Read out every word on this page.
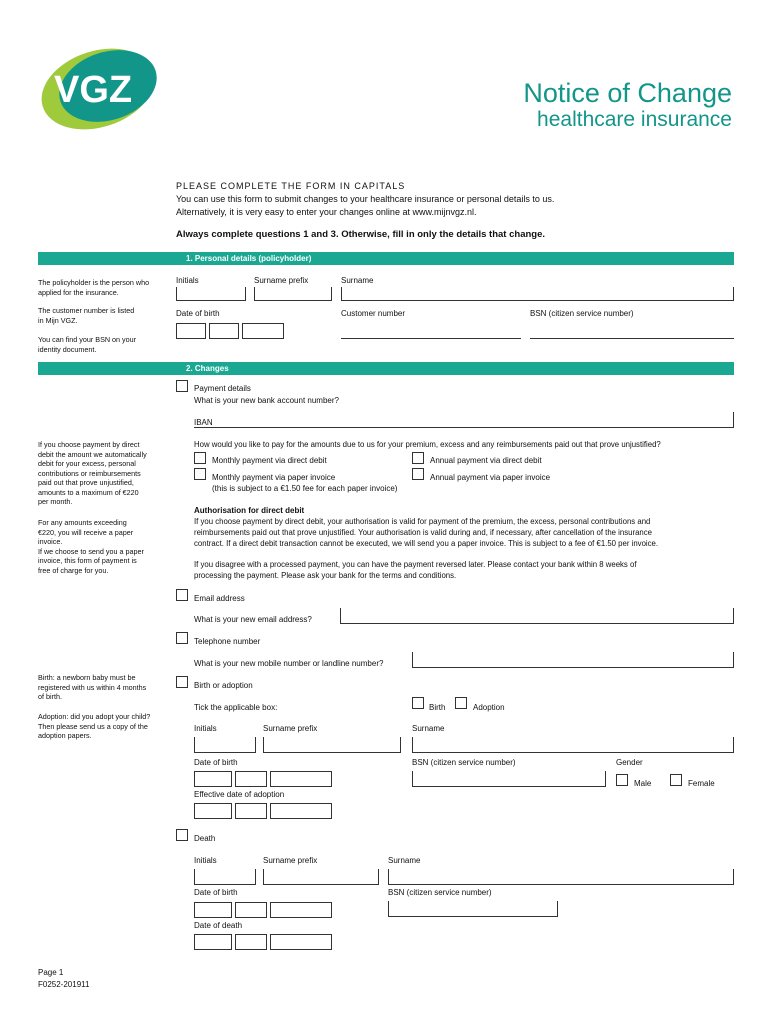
VGZ	Notice of Change
healthcare insurance
PLEASE COMPLETE THE FORM IN CAPITALS
You can use this form to submit changes to your healthcare insurance or personal details to us.
Alternatively, it is very easy to enter your changes online at www.mijnvgz.nl.
Always complete questions 1 and 3. Otherwise, fill in only the details that change.
1. Personal details (policyholder)
The policyholder is the person who
applied for the insurance.
The customer number is listed
in Mijn VGZ.
You can find your BSN on your
identity document.
Initials	Surname prefix	Surname
Date of birth	Customer number	BSN (citizen service number)
2. Changes
Payment details
What is your new bank account number?
IBAN
If you choose payment by direct
debit the amount we automatically
debit for your excess, personal
contributions or reimbursements
paid out that prove unjustified,
amounts to a maximum of €220
per month.
For any amounts exceeding
€220, you will receive a paper
invoice.
If we choose to send you a paper
invoice, this form of payment is
free of charge for you.
How would you like to pay for the amounts due to us for your premium, excess and any reimbursements paid out that prove unjustified?
Monthly payment via direct debit	Annual payment via direct debit
Monthly payment via paper invoice
(this is subject to a €1.50 fee for each paper invoice)
Annual payment via paper invoice
Authorisation for direct debit
If you choose payment by direct debit, your authorisation is valid for payment of the premium, the excess, personal contributions and
reimbursements paid out that prove unjustified. Your authorisation is valid during and, if necessary, after cancellation of the insurance
contract. If a direct debit transaction cannot be executed, we will send you a paper invoice. This is subject to a fee of €1.50 per invoice.
If you disagree with a processed payment, you can have the payment reversed later. Please contact your bank within 8 weeks of
processing the payment. Please ask your bank for the terms and conditions.
Email address
What is your new email address?
Telephone number
What is your new mobile number or landline number?
Birth: a newborn baby must be
registered with us within 4 months
of birth.
Adoption: did you adopt your child?
Then please send us a copy of the
adoption papers.
Birth or adoption
Tick the applicable box:	Birth	Adoption
Initials	Surname prefix	Surname
Date of birth	BSN (citizen service number)	Gender
Male	Female
Effective date of adoption
Death
Initials	Surname prefix	Surname
Date of birth	BSN (citizen service number)
Date of death
Page 1
F0252-201911
